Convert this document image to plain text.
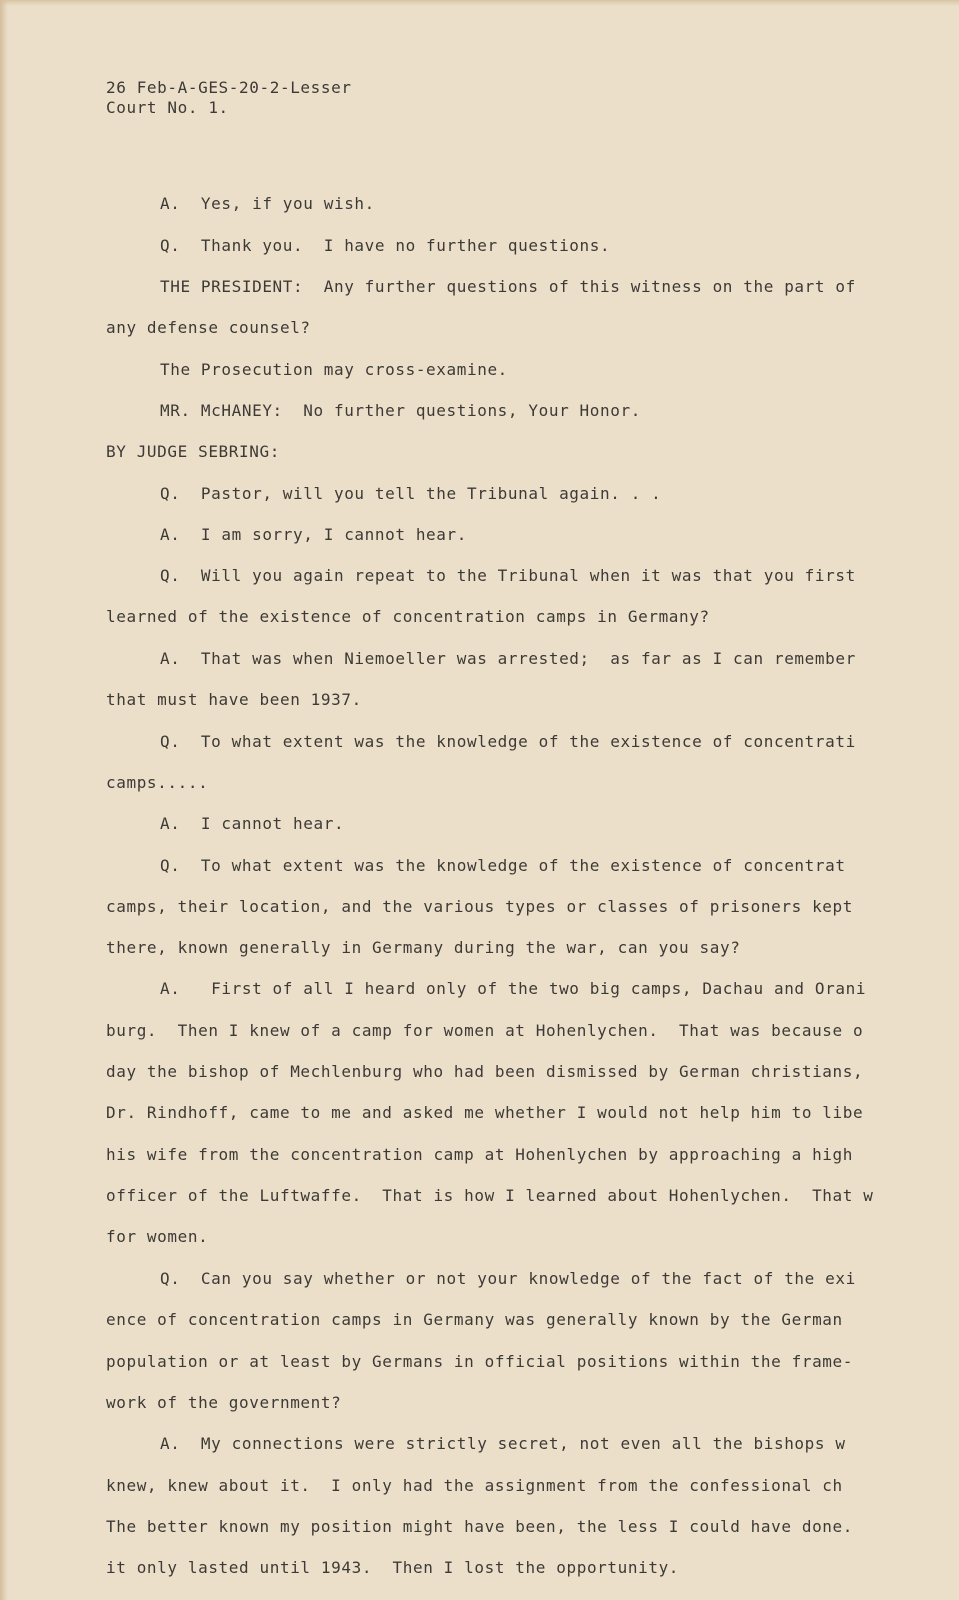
26 Feb-A-GES-20-2-Lesser
Court No. 1.
A.  Yes, if you wish.
Q.  Thank you.  I have no further questions.
THE PRESIDENT:  Any further questions of this witness on the part of
any defense counsel?
The Prosecution may cross-examine.
MR. McHANEY:  No further questions, Your Honor.
BY JUDGE SEBRING:
Q.  Pastor, will you tell the Tribunal again. . .
A.  I am sorry, I cannot hear.
Q.  Will you again repeat to the Tribunal when it was that you first
learned of the existence of concentration camps in Germany?
A.  That was when Niemoeller was arrested;  as far as I can remember
that must have been 1937.
Q.  To what extent was the knowledge of the existence of concentrati
camps.....
A.  I cannot hear.
Q.  To what extent was the knowledge of the existence of concentrat
camps, their location, and the various types or classes of prisoners kept
there, known generally in Germany during the war, can you say?
A.   First of all I heard only of the two big camps, Dachau and Orani
burg.  Then I knew of a camp for women at Hohenlychen.  That was because o
day the bishop of Mechlenburg who had been dismissed by German christians,
Dr. Rindhoff, came to me and asked me whether I would not help him to libe
his wife from the concentration camp at Hohenlychen by approaching a high
officer of the Luftwaffe.  That is how I learned about Hohenlychen.  That w
for women.
Q.  Can you say whether or not your knowledge of the fact of the exi
ence of concentration camps in Germany was generally known by the German
population or at least by Germans in official positions within the frame-
work of the government?
A.  My connections were strictly secret, not even all the bishops w
knew, knew about it.  I only had the assignment from the confessional ch
The better known my position might have been, the less I could have done.
it only lasted until 1943.  Then I lost the opportunity.
